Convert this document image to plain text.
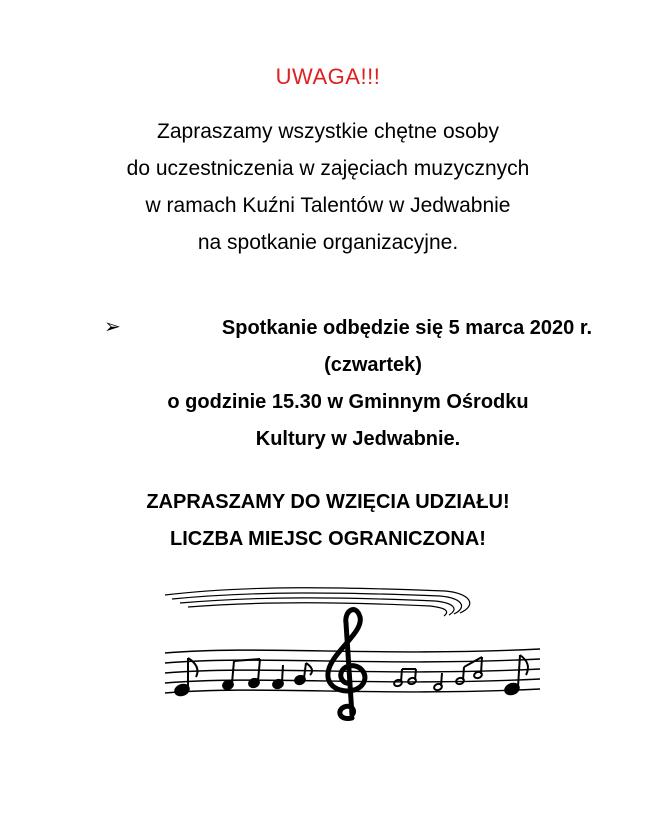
UWAGA!!!
Zapraszamy wszystkie chętne osoby
do uczestniczenia w zajęciach muzycznych
w ramach Kuźni Talentów w Jedwabnie
na spotkanie organizacyjne.
➢	Spotkanie odbędzie się 5 marca 2020 r.
(czwartek)
o godzinie 15.30 w Gminnym Ośrodku
Kultury w Jedwabnie.
ZAPRASZAMY DO WZIĘCIA UDZIAŁU!
LICZBA MIEJSC OGRANICZONA!
